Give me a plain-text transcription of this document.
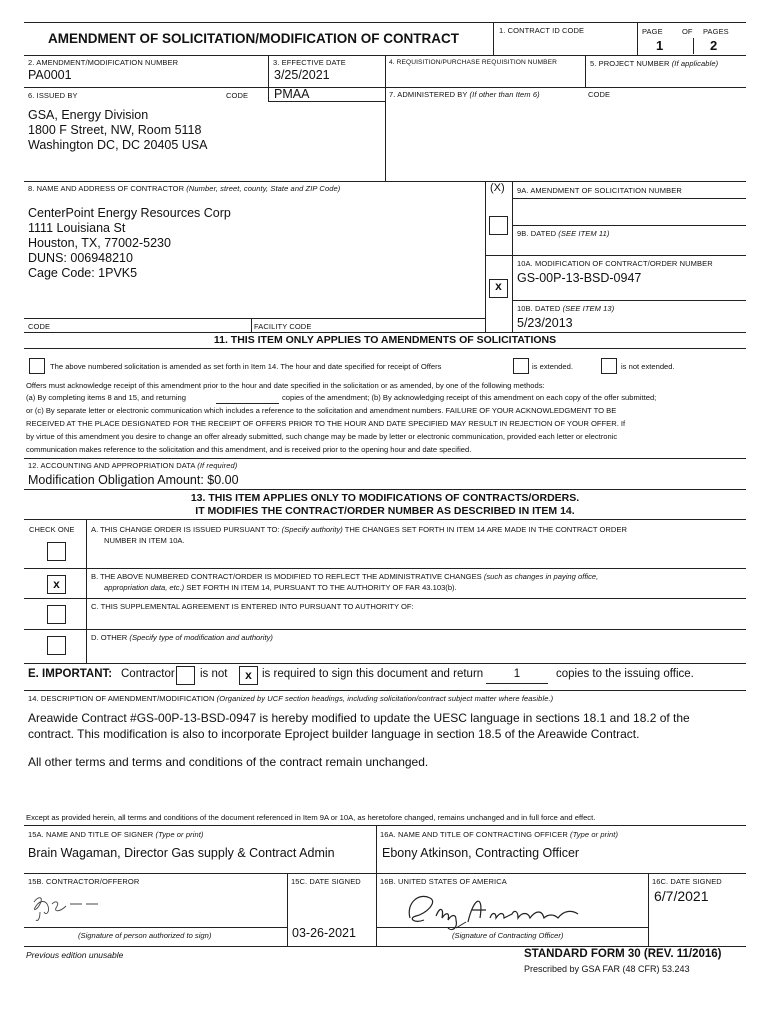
AMENDMENT OF SOLICITATION/MODIFICATION OF CONTRACT
1. CONTRACT ID CODE	PAGE	OF PAGES
1	2
2. AMENDMENT/MODIFICATION NUMBER
PA0001
3. EFFECTIVE DATE
3/25/2021
4. REQUISITION/PURCHASE REQUISITION NUMBER	5. PROJECT NUMBER (If applicable)
6. ISSUED BY	CODE PMAA	7. ADMINISTERED BY (If other than Item 6)	CODE
GSA, Energy Division
1800 F Street, NW, Room 5118
Washington DC, DC 20405 USA
8. NAME AND ADDRESS OF CONTRACTOR (Number, street, county, State and ZIP Code)	(X) 9A. AMENDMENT OF SOLICITATION NUMBER
CenterPoint Energy Resources Corp
1111 Louisiana St
Houston, TX, 77002-5230
DUNS: 006948210
Cage Code: 1PVK5
9B. DATED (SEE ITEM 11)
10A. MODIFICATION OF CONTRACT/ORDER NUMBER
GS-00P-13-BSD-0947
x
10B. DATED (SEE ITEM 13)
5/23/2013
CODE	FACILITY CODE
11. THIS ITEM ONLY APPLIES TO AMENDMENTS OF SOLICITATIONS
The above numbered solicitation is amended as set forth in Item 14. The hour and date specified for receipt of Offers	is extended.	is not extended.
Offers must acknowledge receipt of this amendment prior to the hour and date specified in the solicitation or as amended, by one of the following methods:
(a) By completing items 8 and 15, and returning	copies of the amendment; (b) By acknowledging receipt of this amendment on each copy of the offer submitted;
or (c) By separate letter or electronic communication which includes a reference to the solicitation and amendment numbers. FAILURE OF YOUR ACKNOWLEDGMENT TO BE
RECEIVED AT THE PLACE DESIGNATED FOR THE RECEIPT OF OFFERS PRIOR TO THE HOUR AND DATE SPECIFIED MAY RESULT IN REJECTION OF YOUR OFFER. If
by virtue of this amendment you desire to change an offer already submitted, such change may be made by letter or electronic communication, provided each letter or electronic
communication makes reference to the solicitation and this amendment, and is received prior to the opening hour and date specified.
12. ACCOUNTING AND APPROPRIATION DATA (If required)
Modification Obligation Amount: $0.00
13. THIS ITEM APPLIES ONLY TO MODIFICATIONS OF CONTRACTS/ORDERS.
IT MODIFIES THE CONTRACT/ORDER NUMBER AS DESCRIBED IN ITEM 14.
CHECK ONE A. THIS CHANGE ORDER IS ISSUED PURSUANT TO: (Specify authority) THE CHANGES SET FORTH IN ITEM 14 ARE MADE IN THE CONTRACT ORDER
NUMBER IN ITEM 10A.
B. THE ABOVE NUMBERED CONTRACT/ORDER IS MODIFIED TO REFLECT THE ADMINISTRATIVE CHANGES (such as changes in paying office,
appropriation data, etc.) SET FORTH IN ITEM 14, PURSUANT TO THE AUTHORITY OF FAR 43.103(b).
x
C. THIS SUPPLEMENTAL AGREEMENT IS ENTERED INTO PURSUANT TO AUTHORITY OF:
D. OTHER (Specify type of modification and authority)
E. IMPORTANT: Contractor is not	x is required to sign this document and return	1	copies to the issuing office.
14. DESCRIPTION OF AMENDMENT/MODIFICATION (Organized by UCF section headings, including solicitation/contract subject matter where feasible.)
Areawide Contract #GS-00P-13-BSD-0947 is hereby modified to update the UESC language in sections 18.1 and 18.2 of the
contract. This modification is also to incorporate Eproject builder language in section 18.5 of the Areawide Contract.
All other terms and terms and conditions of the contract remain unchanged.
Except as provided herein, all terms and conditions of the document referenced in Item 9A or 10A, as heretofore changed, remains unchanged and in full force and effect.
15A. NAME AND TITLE OF SIGNER (Type or print)
Brain Wagaman, Director Gas supply & Contract Admin
16A. NAME AND TITLE OF CONTRACTING OFFICER (Type or print)
Ebony Atkinson, Contracting Officer
15B. CONTRACTOR/OFFEROR	15C. DATE SIGNED	16B. UNITED STATES OF AMERICA	16C. DATE SIGNED
(Signature of person authorized to sign)	03-26-2021	(Signature of Contracting Officer)
6/7/2021
Previous edition unusable	STANDARD FORM 30 (REV. 11/2016)
Prescribed by GSA FAR (48 CFR) 53.243
